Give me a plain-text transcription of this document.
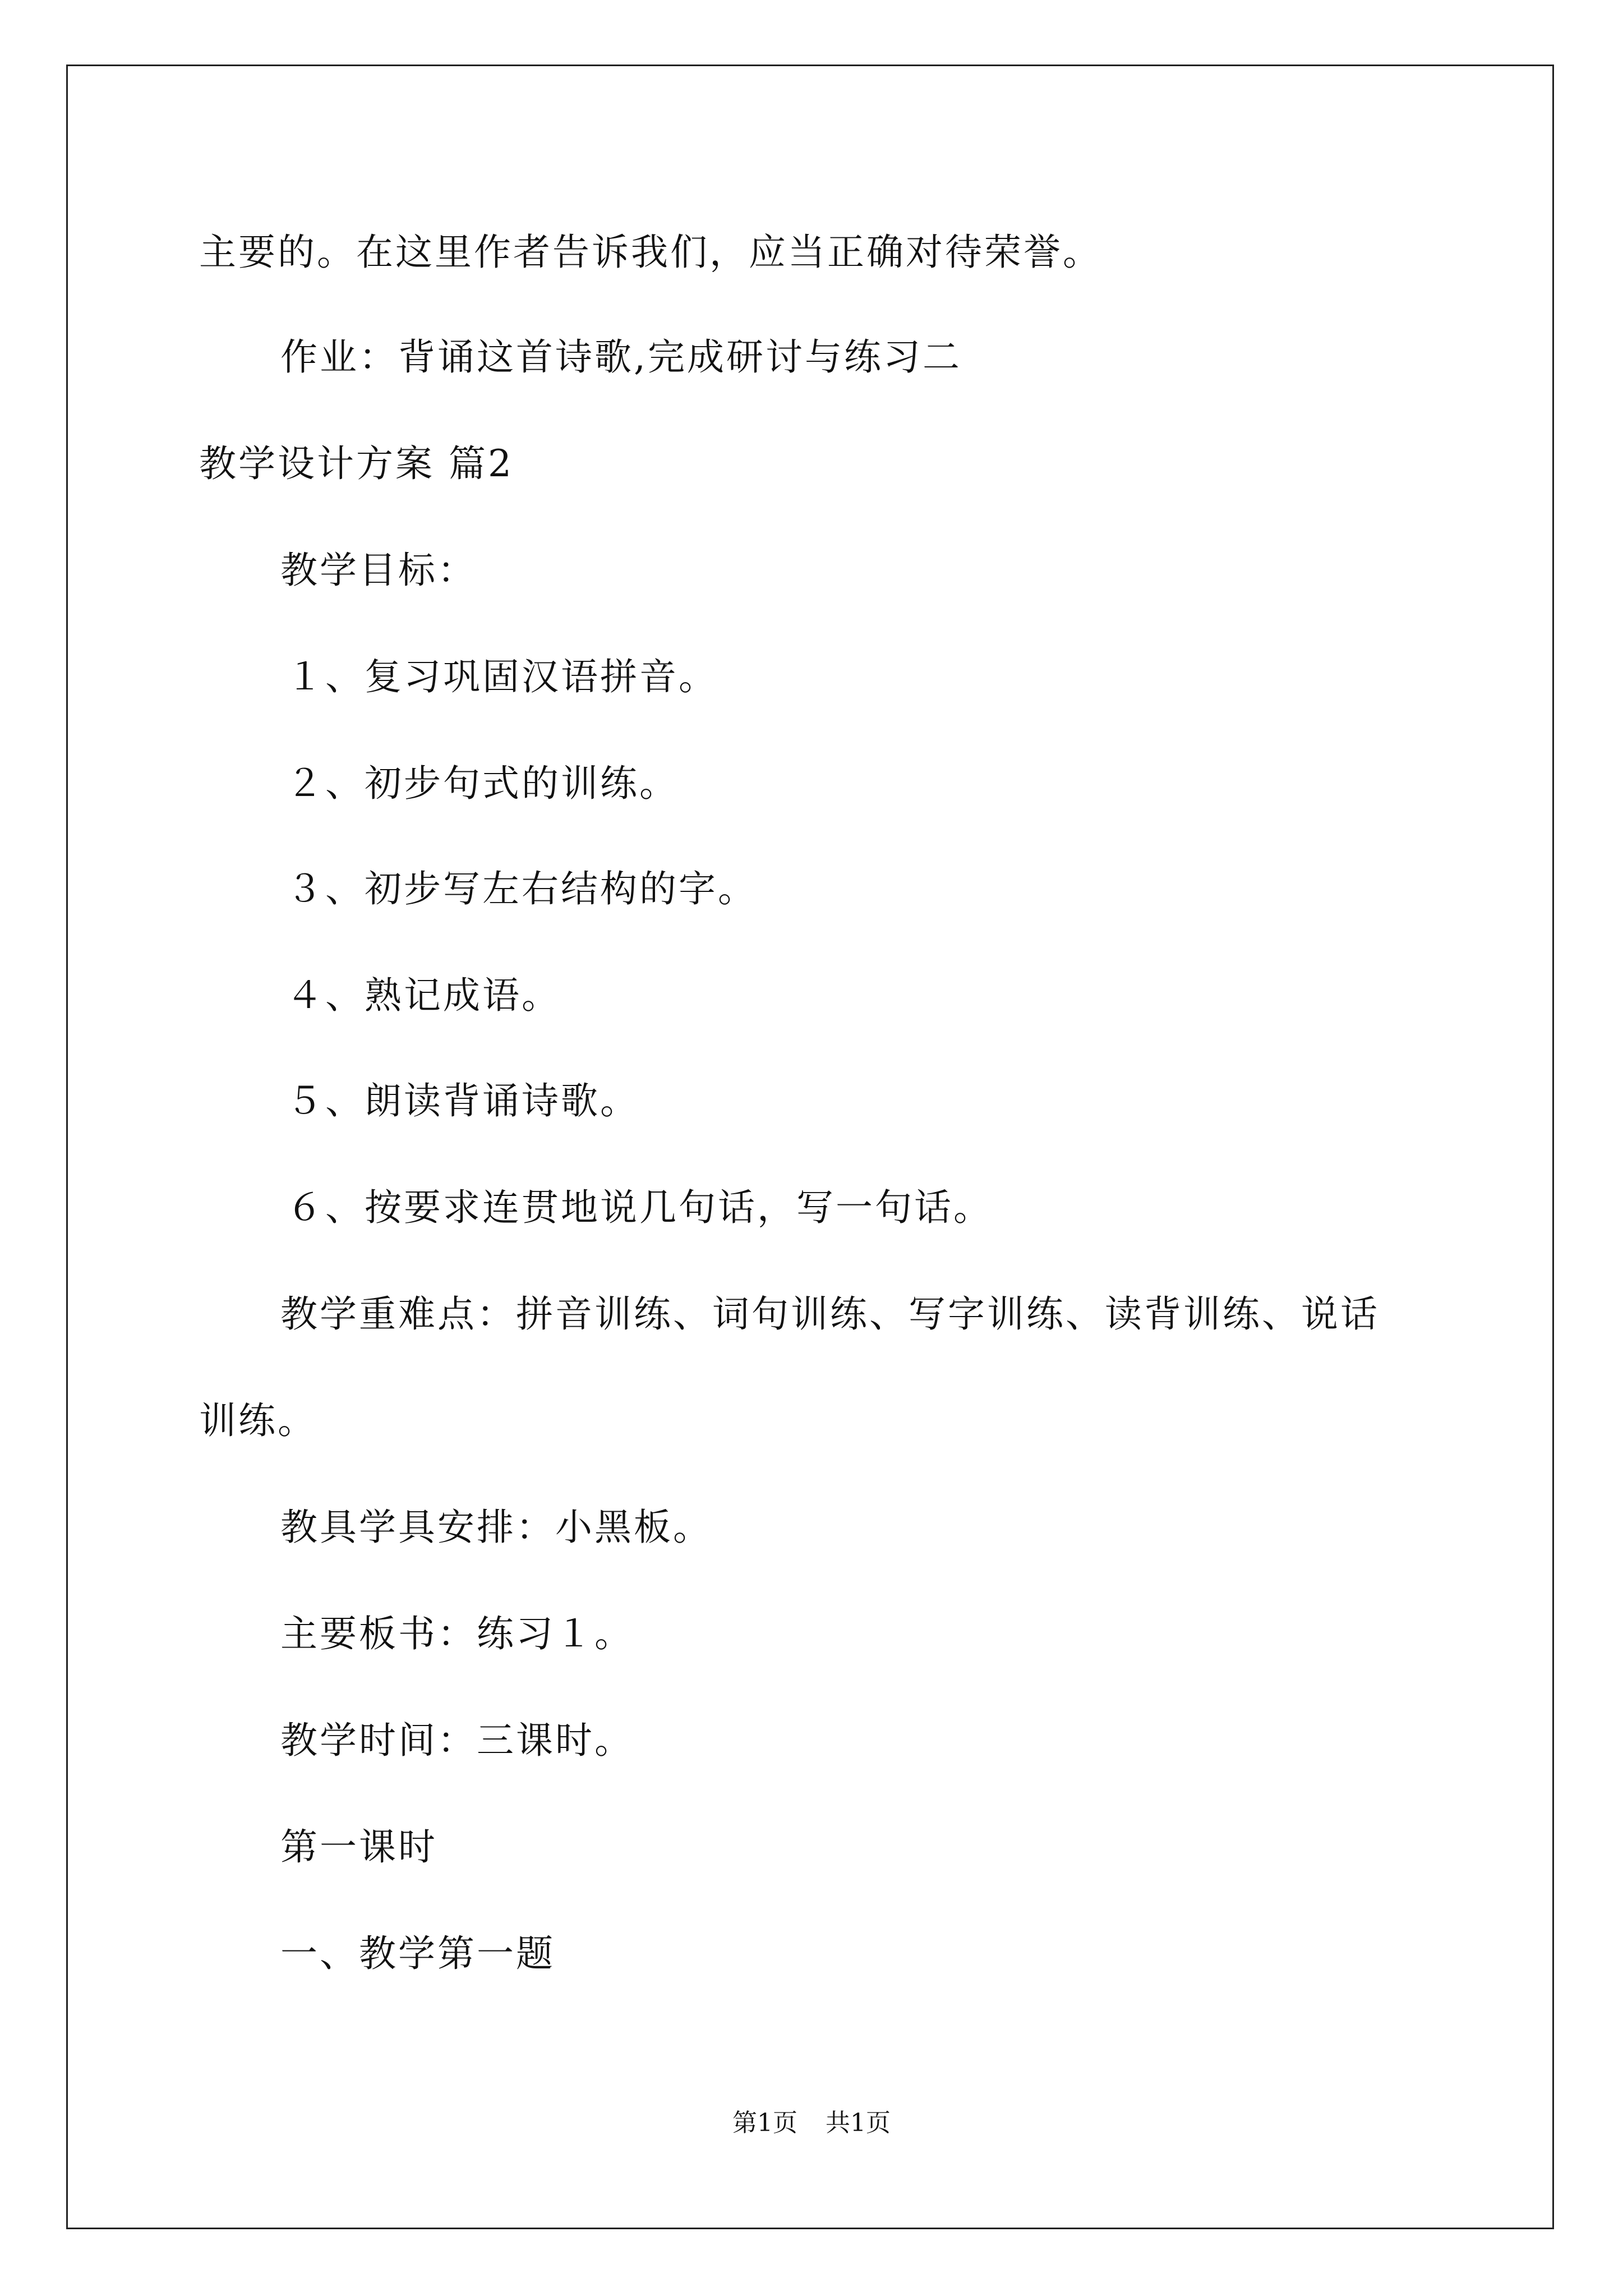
主要的。在这里作者告诉我们，应当正确对待荣誉。
作业：背诵这首诗歌,完成研讨与练习二
教学设计方案 篇2
教学目标：
１、复习巩固汉语拼音。
２、初步句式的训练。
３、初步写左右结构的字。
４、熟记成语。
５、朗读背诵诗歌。
６、按要求连贯地说几句话，写一句话。
教学重难点：拼音训练、词句训练、写字训练、读背训练、说话
训练。
教具学具安排：小黑板。
主要板书：练习１。
教学时间：三课时。
第一课时
一、教学第一题
第1页 共1页
